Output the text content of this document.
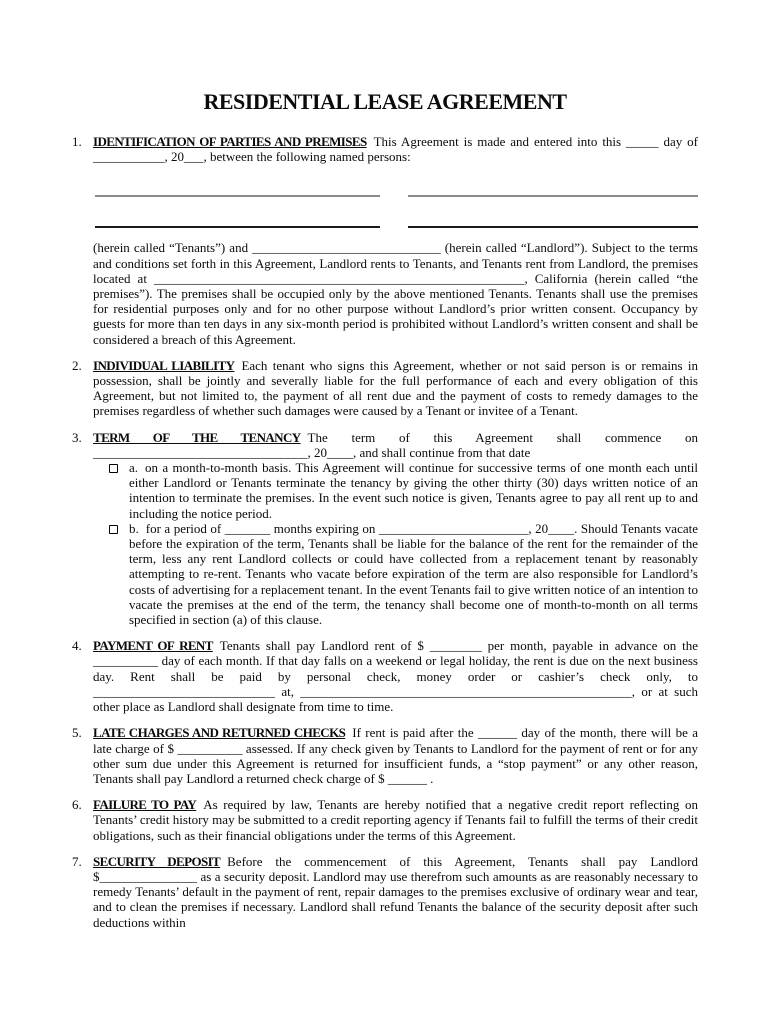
RESIDENTIAL LEASE AGREEMENT
1. IDENTIFICATION OF PARTIES AND PREMISES This Agreement is made and entered into this _____ day of ___________, 20___, between the following named persons:

(herein called “Tenants”) and _____________________________ (herein called “Landlord”). Subject to the terms and conditions set forth in this Agreement, Landlord rents to Tenants, and Tenants rent from Landlord, the premises located at _________________________________________________________, California (herein called “the premises”). The premises shall be occupied only by the above mentioned Tenants. Tenants shall use the premises for residential purposes only and for no other purpose without Landlord’s prior written consent. Occupancy by guests for more than ten days in any six-month period is prohibited without Landlord’s written consent and shall be considered a breach of this Agreement.

2. INDIVIDUAL LIABILITY Each tenant who signs this Agreement, whether or not said person is or remains in possession, shall be jointly and severally liable for the full performance of each and every obligation of this Agreement, but not limited to, the payment of all rent due and the payment of costs to remedy damages to the premises regardless of whether such damages were caused by a Tenant or invitee of a Tenant.

3. TERM OF THE TENANCY The term of this Agreement shall commence on _________________________________, 20____, and shall continue from that date

a. on a month-to-month basis. This Agreement will continue for successive terms of one month each until either Landlord or Tenants terminate the tenancy by giving the other thirty (30) days written notice of an intention to terminate the premises. In the event such notice is given, Tenants agree to pay all rent up to and including the notice period.
b. for a period of _______ months expiring on _______________________, 20____. Should Tenants vacate before the expiration of the term, Tenants shall be liable for the balance of the rent for the remainder of the term, less any rent Landlord collects or could have collected from a replacement tenant by reasonably attempting to re-rent. Tenants who vacate before expiration of the term are also responsible for Landlord’s costs of advertising for a replacement tenant. In the event Tenants fail to give written notice of an intention to vacate the premises at the end of the term, the tenancy shall become one of month-to-month on all terms specified in section (a) of this clause.
4. PAYMENT OF RENT Tenants shall pay Landlord rent of $ ________ per month, payable in advance on the __________ day of each month. If that day falls on a weekend or legal holiday, the rent is due on the next business day. Rent shall be paid by personal check, money order or cashier’s check only, to ____________________________ at, ___________________________________________________, or at such other place as Landlord shall designate from time to time.

5. LATE CHARGES AND RETURNED CHECKS If rent is paid after the ______ day of the month, there will be a late charge of $ __________ assessed. If any check given by Tenants to Landlord for the payment of rent or for any other sum due under this Agreement is returned for insufficient funds, a “stop payment” or any other reason, Tenants shall pay Landlord a returned check charge of $ ______ .

6. FAILURE TO PAY As required by law, Tenants are hereby notified that a negative credit report reflecting on Tenants’ credit history may be submitted to a credit reporting agency if Tenants fail to fulfill the terms of their credit obligations, such as their financial obligations under the terms of this Agreement.

7. SECURITY DEPOSIT Before the commencement of this Agreement, Tenants shall pay Landlord $_______________ as a security deposit. Landlord may use therefrom such amounts as are reasonably necessary to remedy Tenants’ default in the payment of rent, repair damages to the premises exclusive of ordinary wear and tear, and to clean the premises if necessary. Landlord shall refund Tenants the balance of the security deposit after such deductions within
